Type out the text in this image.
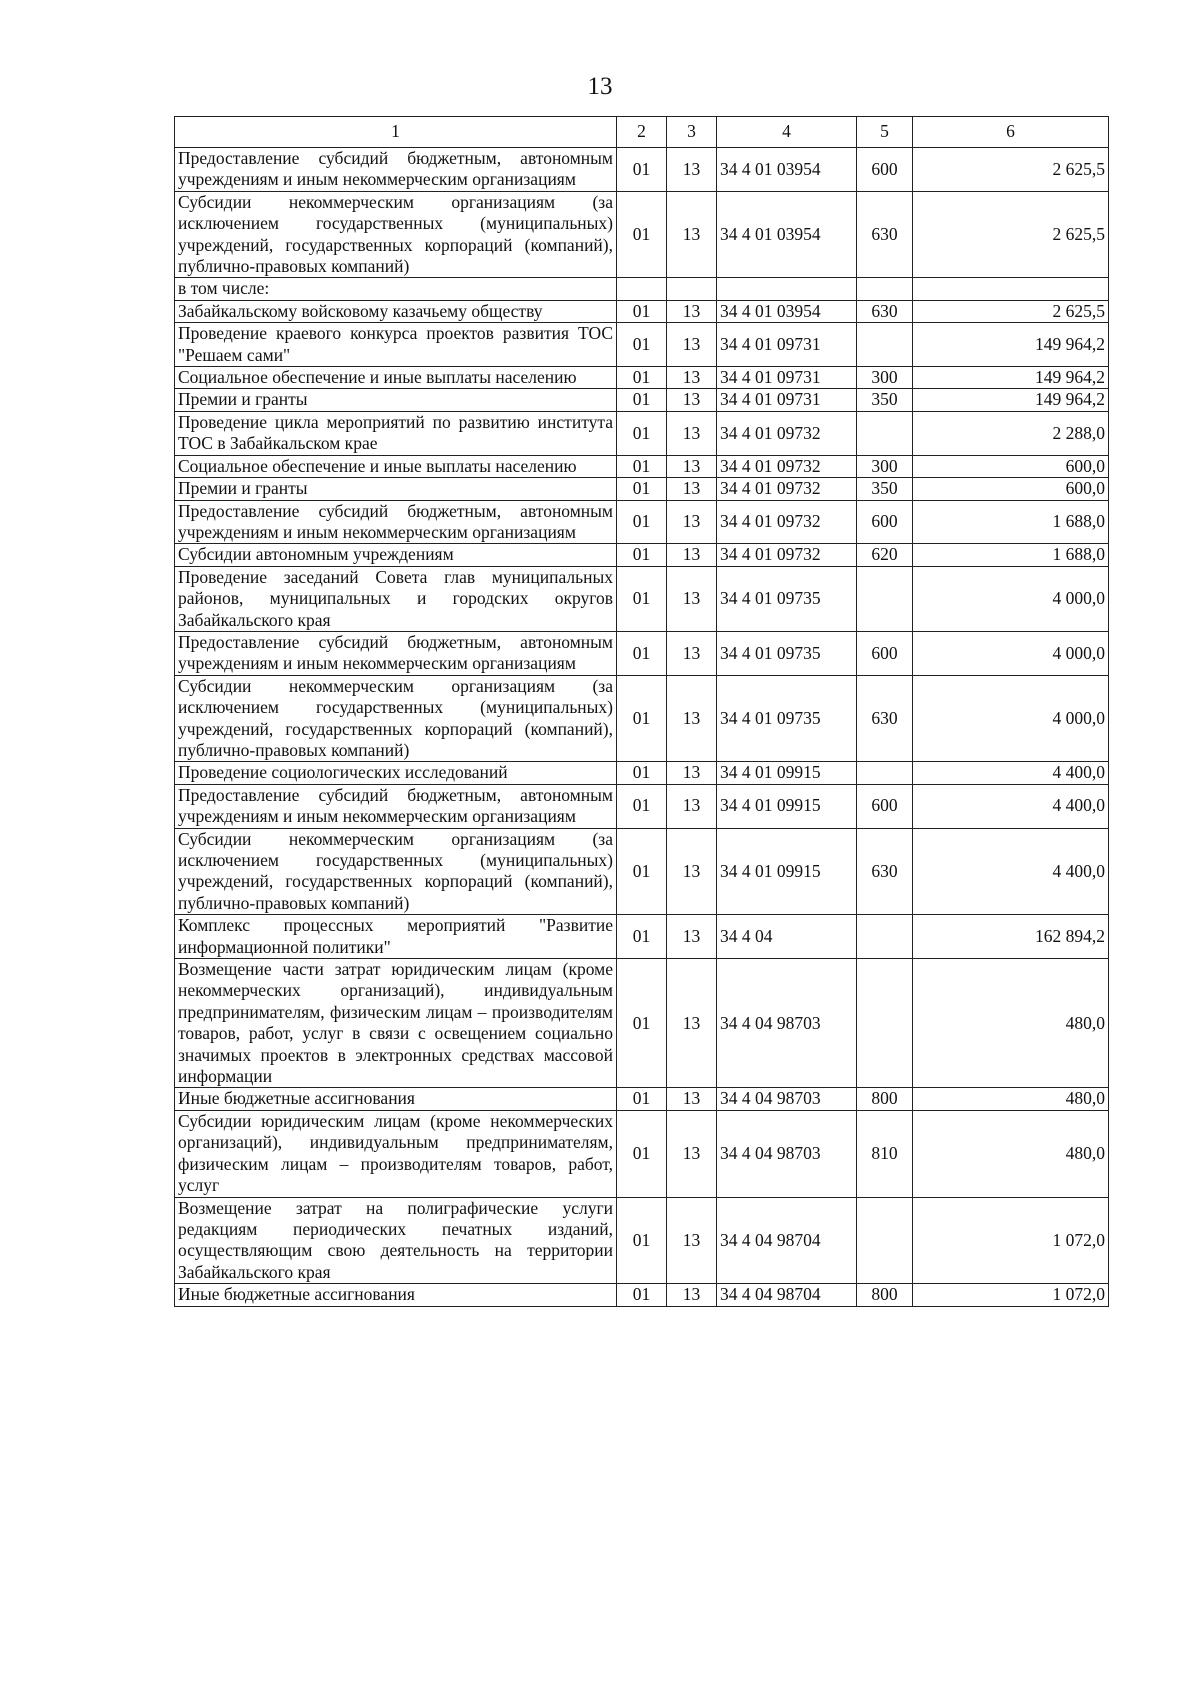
13
1	2	3	4	5	6
Предоставление субсидий бюджетным, автономным учреждениям и иным некоммерческим организациям	01	13	34 4 01 03954	600	2 625,5
Субсидии некоммерческим организациям (за исключением государственных (муниципальных) учреждений, государственных корпораций (компаний), публично-правовых компаний)	01	13	34 4 01 03954	630	2 625,5
в том числе:					
Забайкальскому войсковому казачьему обществу	01	13	34 4 01 03954	630	2 625,5
Проведение краевого конкурса проектов развития ТОС "Решаем сами"	01	13	34 4 01 09731		149 964,2
Социальное обеспечение и иные выплаты населению	01	13	34 4 01 09731	300	149 964,2
Премии и гранты	01	13	34 4 01 09731	350	149 964,2
Проведение цикла мероприятий по развитию института ТОС в Забайкальском крае	01	13	34 4 01 09732		2 288,0
Социальное обеспечение и иные выплаты населению	01	13	34 4 01 09732	300	600,0
Премии и гранты	01	13	34 4 01 09732	350	600,0
Предоставление субсидий бюджетным, автономным учреждениям и иным некоммерческим организациям	01	13	34 4 01 09732	600	1 688,0
Субсидии автономным учреждениям	01	13	34 4 01 09732	620	1 688,0
Проведение заседаний Совета глав муниципальных районов, муниципальных и городских округов Забайкальского края	01	13	34 4 01 09735		4 000,0
Предоставление субсидий бюджетным, автономным учреждениям и иным некоммерческим организациям	01	13	34 4 01 09735	600	4 000,0
Субсидии некоммерческим организациям (за исключением государственных (муниципальных) учреждений, государственных корпораций (компаний), публично-правовых компаний)	01	13	34 4 01 09735	630	4 000,0
Проведение социологических исследований	01	13	34 4 01 09915		4 400,0
Предоставление субсидий бюджетным, автономным учреждениям и иным некоммерческим организациям	01	13	34 4 01 09915	600	4 400,0
Субсидии некоммерческим организациям (за исключением государственных (муниципальных) учреждений, государственных корпораций (компаний), публично-правовых компаний)	01	13	34 4 01 09915	630	4 400,0
Комплекс процессных мероприятий "Развитие информационной политики"	01	13	34 4 04		162 894,2
Возмещение части затрат юридическим лицам (кроме некоммерческих организаций), индивидуальным предпринимателям, физическим лицам – производителям товаров, работ, услуг в связи с освещением социально значимых проектов в электронных средствах массовой информации	01	13	34 4 04 98703		480,0
Иные бюджетные ассигнования	01	13	34 4 04 98703	800	480,0
Субсидии юридическим лицам (кроме некоммерческих организаций), индивидуальным предпринимателям, физическим лицам – производителям товаров, работ, услуг	01	13	34 4 04 98703	810	480,0
Возмещение затрат на полиграфические услуги редакциям периодических печатных изданий, осуществляющим свою деятельность на территории Забайкальского края	01	13	34 4 04 98704		1 072,0
Иные бюджетные ассигнования	01	13	34 4 04 98704	800	1 072,0
